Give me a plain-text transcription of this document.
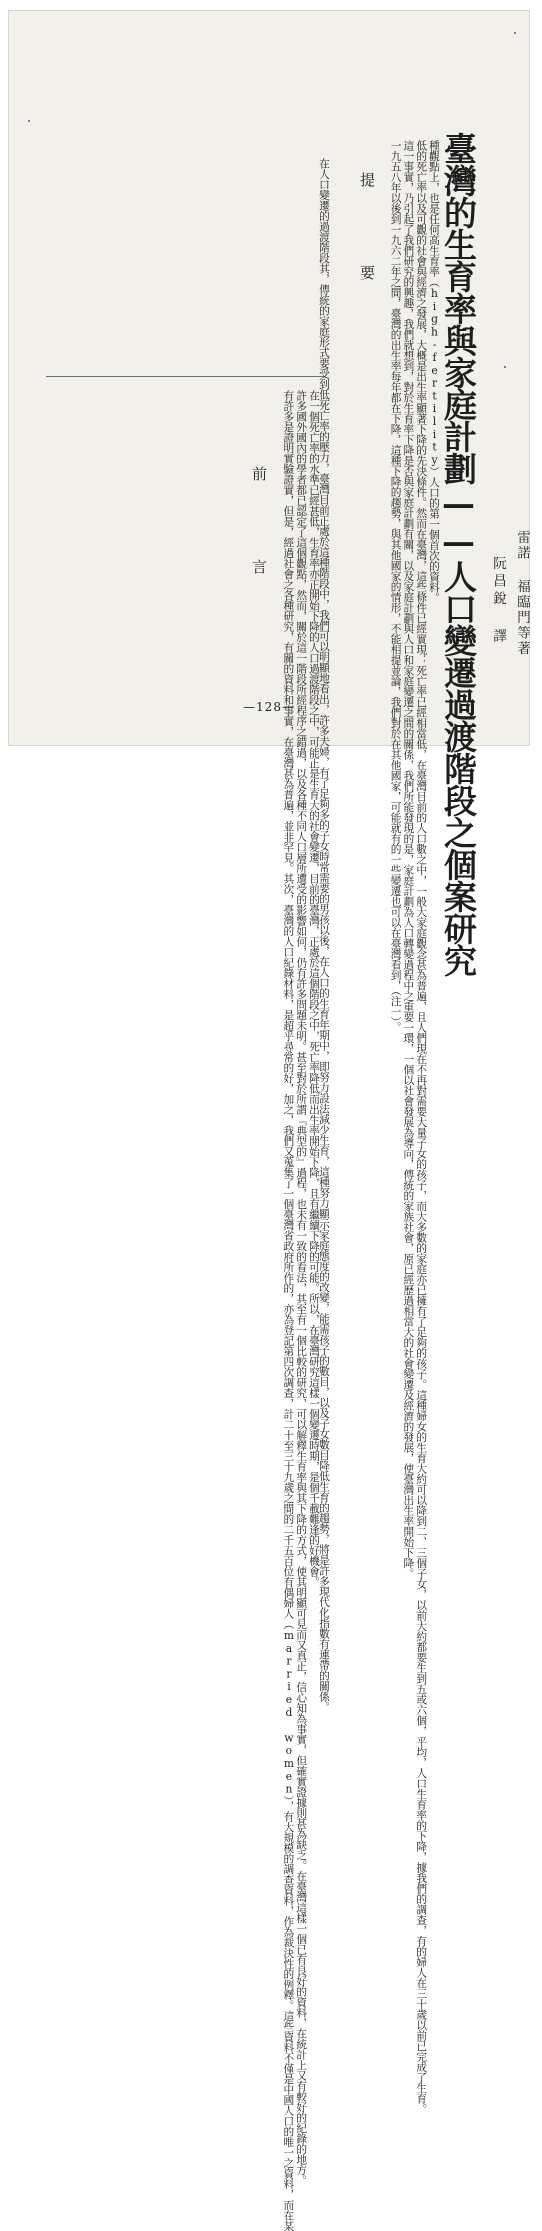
臺灣的生育率與家庭計劃——人口變遷過渡階段之個案研究	雷諾 福臨門等著
阮昌銳 譯
提 要

在人口變遷的過渡階段其，傳統的家庭形式要受到低死亡率的壓力，臺灣目前正處於這種階段中，我們可以明顯地看出，許多夫婦，有了足夠多的子女時常需要的男孩以後，在人口的生育年期中，即努力設法減少生育，這種努力顯示家庭態度的改變，能需孩子的數目，以及子女數目降低生育的趨勢，將是許多現代化指數有連帶的關係。

前 言	在一個死亡率的水準已經甚低，生育率亦正開始下降的人口過渡階段之中，可能正是生育大的社會變遷，目前的臺灣，正處於這個階段之中，死亡率降低而出生率開始下降，且有繼續下降的可能。所以，在臺灣研究這樣一個變遷時期，是個千載難逢的好機會。
許多國外國內的學者都已認定了這個觀點，然而，關於這一階段所經程序之錯過，以及各種不同人口層所遭受的影響如何，仍有許多問題未明。甚至對於所謂『典型的』過程，也未有一致的看法，其至有一個比較的研究，可以解釋生育率與其下降的方式，使其明顯可見而又真正，信心知為事實，但確實證據則甚為缺乏。在臺灣這樣一個已有良好的資料，在統計上又有較好的紀錄的地方。
有許多是證明實驗證實，但是，經過社會之各種研究，有關的資料和事實，在臺灣甚為普遍，並非罕見。其次，臺灣的人口紀錄材料，是超乎尋常的好，加之，我們又蒐集了一個臺灣省政府所作的，亦為登記第四次調查，計二十至三十九歲之間的二千五百位有偶婦人（married women），有大規模的調查資料，作為裁決性的例釋。這些資料不僅是中國人口的唯一之資料，而在某

種觀點上，也是任何高生育率（high-fertility）人口的第一個首次的資料。
低的死亡率以及可觀的社會與經濟之發展，大概是出生率顯著下降的先決條件。然而在臺灣，這些條件已經實現：死亡率已經相當低，在臺灣目前的人口數之中，一般大家庭觀念甚為普遍，且人們現在不再對需要大量子女的孩子，而大多數的家庭亦已擁有了足夠的孩子。這種婦女的生育大約可以降到二、三個子女，以前大約都要生到五或六個，平均，人口生育率的下降，據我們的調查，有的婦人在三十歲以前已完成了生育。
這一事實，乃引起了我們研究的興趣，我們就想到，對於生育率下降是否與家庭計劃有關，以及家庭計劃與人口和家庭變遷之間的關係，我們所能發現的是，家庭計劃為人口轉變過程中之重要一環，一個以社會發展為導向，傳統的家族社會，原已經歷過相當大的社會變遷及經濟的發展，使臺灣出生率開始下降。
一九五八年以後到一九六二年之間，臺灣的出生率每年都在下降，這種下降的趨勢，與其他國家的情形，不能相提並論，我們對於在其他國家，可能就有的一些變遷也可以在臺灣看到，（注一）。

—128—
